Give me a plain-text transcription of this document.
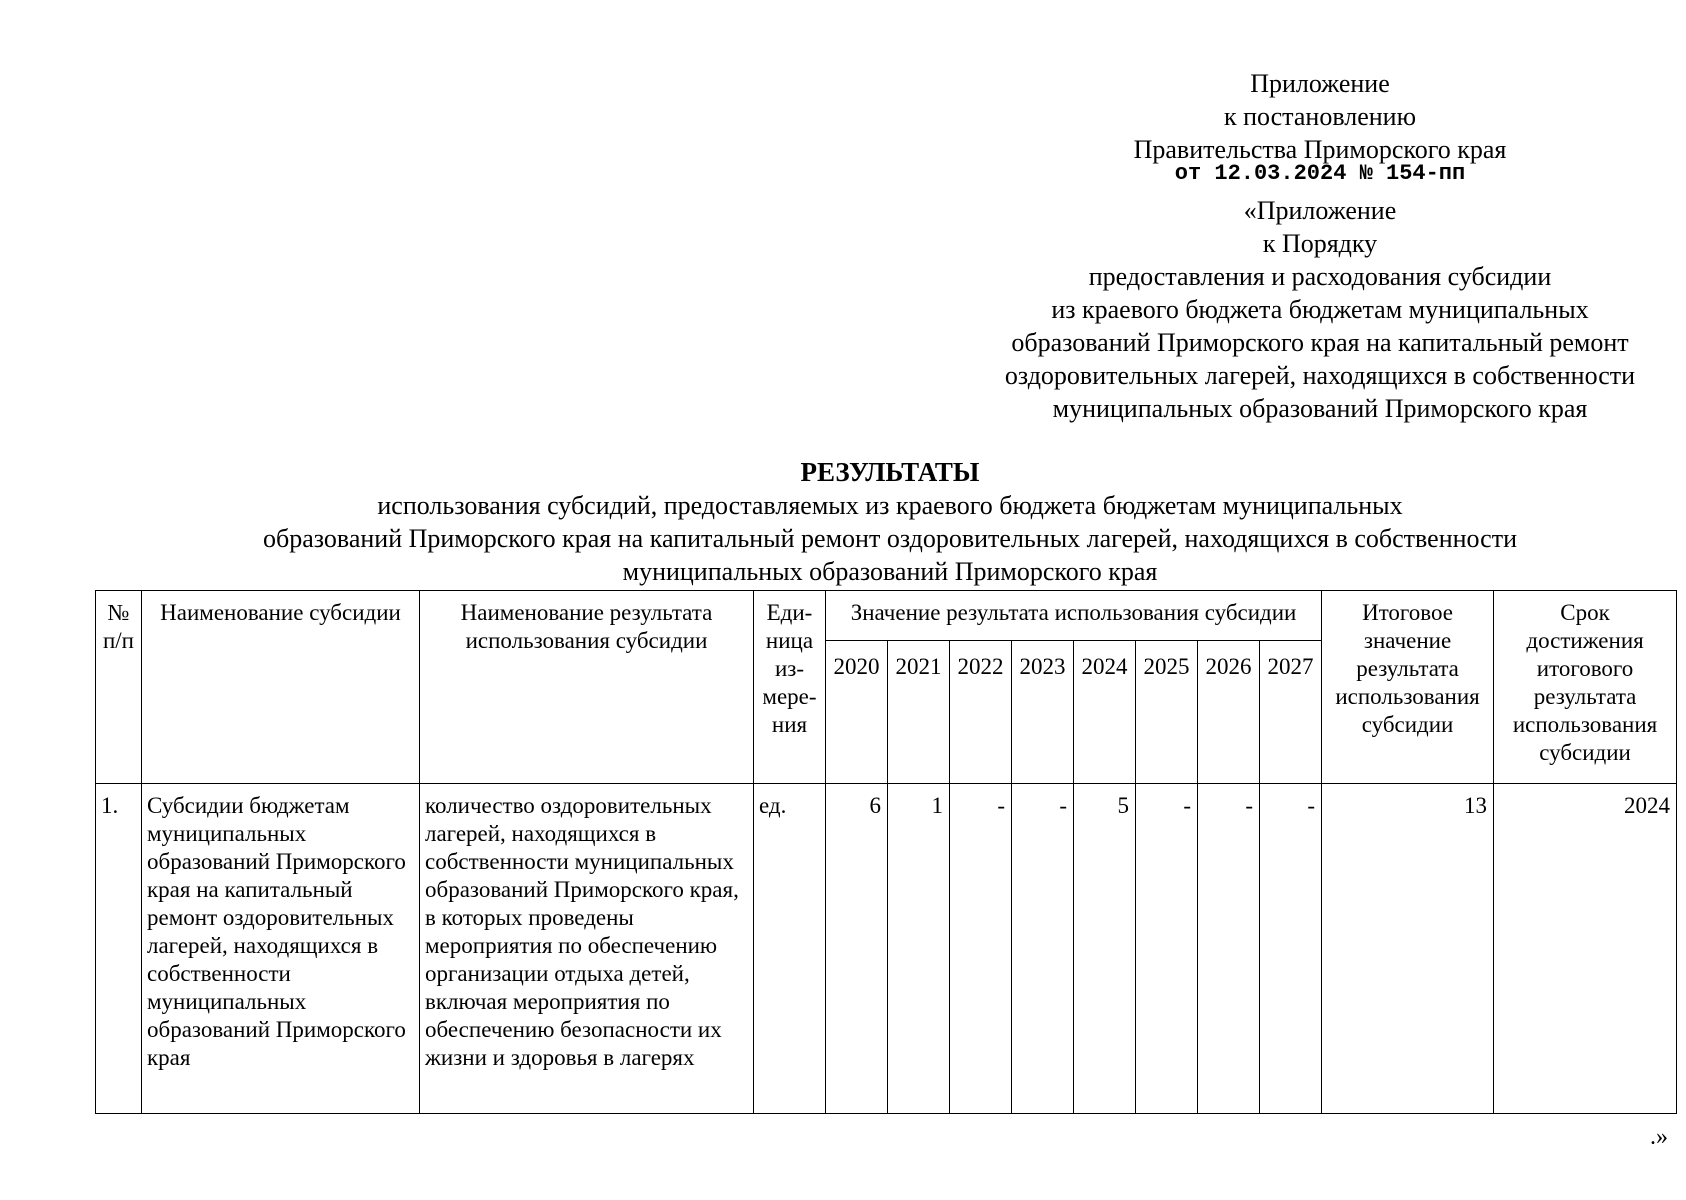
Приложение
к постановлению
Правительства Приморского края
от 12.03.2024 № 154-пп
«Приложение
к Порядку
предоставления и расходования субсидии
из краевого бюджета бюджетам муниципальных
образований Приморского края на капитальный ремонт
оздоровительных лагерей, находящихся в собственности
муниципальных образований Приморского края
РЕЗУЛЬТАТЫ
использования субсидий, предоставляемых из краевого бюджета бюджетам муниципальных
образований Приморского края на капитальный ремонт оздоровительных лагерей, находящихся в собственности
муниципальных образований Приморского края
№ п/п	Наименование субсидии	Наименование результата использования субсидии	Еди- ница из- мере- ния	Значение результата использования субсидии								Итоговое значение результата использования субсидии	Срок достижения итогового результата использования субсидии
				2020	2021	2022	2023	2024	2025	2026	2027		
1.	Субсидии бюджетам муниципальных образований Приморского края на капитальный ремонт оздоровительных лагерей, находящихся в собственности муниципальных образований Приморского края	количество оздоровительных лагерей, находящихся в собственности муниципальных образований Приморского края, в которых проведены мероприятия по обеспечению организации отдыха детей, включая мероприятия по обеспечению безопасности их жизни и здоровья в лагерях	ед.	6	1	-	-	5	-	-	-	13	2024
.»
